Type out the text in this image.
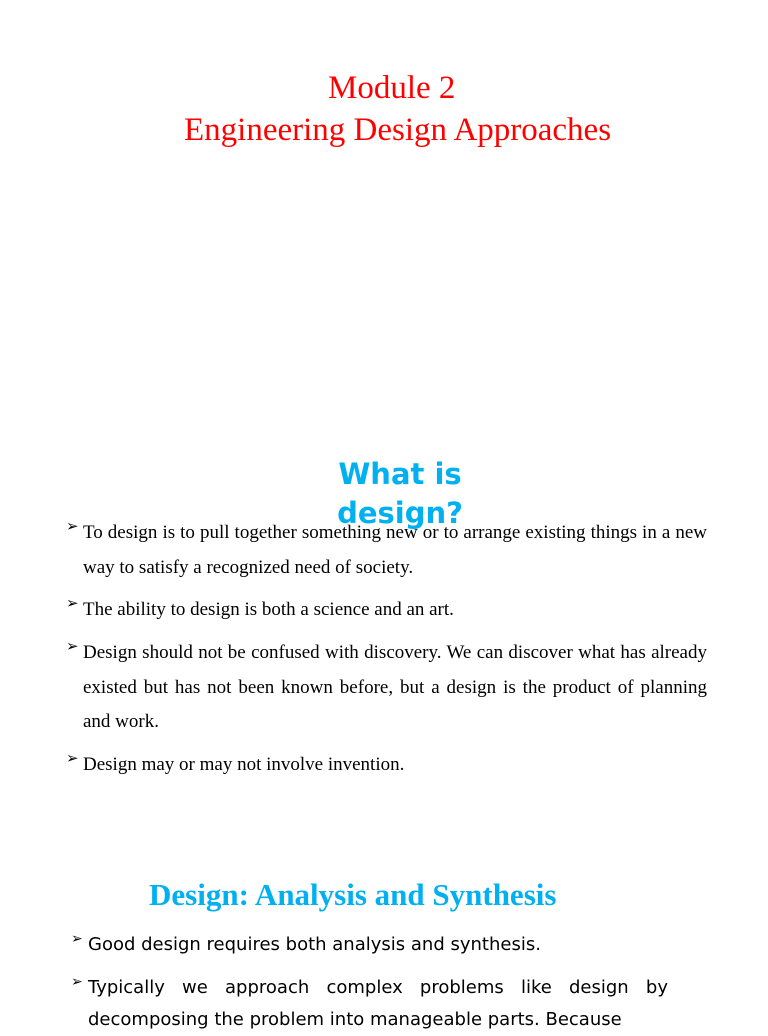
Module 2
Engineering Design Approaches
What is design?
➢ To design is to pull together something new or to arrange existing things in a new way to satisfy a recognized need of society.
➢ The ability to design is both a science and an art.
➢ Design should not be confused with discovery. We can discover what has already existed but has not been known before, but a design is the product of planning and work.
➢ Design may or may not involve invention.
Design: Analysis and Synthesis
➢ Good design requires both analysis and synthesis.
➢ Typically we approach complex problems like design by decomposing the problem into manageable parts. Because
